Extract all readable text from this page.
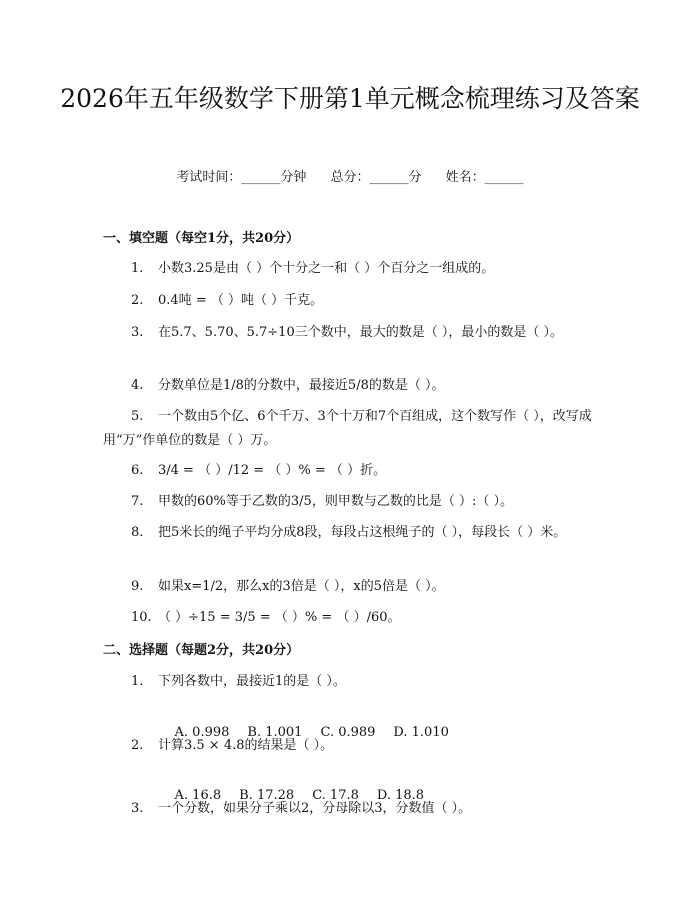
2026年五年级数学下册第1单元概念梳理练习及答案
考试时间：______分钟 总分：______分 姓名：______
一、填空题（每空1分，共20分）
1. 小数3.25是由（ ）个十分之一和（ ）个百分之一组成的。
2. 0.4吨 = （ ）吨（ ）千克。
3. 在5.7、5.70、5.7÷10三个数中，最大的数是（ ），最小的数是（ ）。
4. 分数单位是1/8的分数中，最接近5/8的数是（ ）。
5. 一个数由5个亿、6个千万、3个十万和7个百组成，这个数写作（ ），改写成用“万”作单位的数是（ ）万。
6. 3/4 = （ ）/12 = （ ）% = （ ）折。
7. 甲数的60%等于乙数的3/5，则甲数与乙数的比是（ ）:（ ）。
8. 把5米长的绳子平均分成8段，每段占这根绳子的（ ），每段长（ ）米。
9. 如果x=1/2，那么x的3倍是（ ），x的5倍是（ ）。
10. （ ）÷15 = 3/5 = （ ）% = （ ）/60。
二、选择题（每题2分，共20分）
1. 下列各数中，最接近1的是（ ）。

A. 0.998 B. 1.001 C. 0.989 D. 1.010

2. 计算3.5 × 4.8的结果是（ ）。

A. 16.8 B. 17.28 C. 17.8 D. 18.8

3. 一个分数，如果分子乘以2，分母除以3，分数值（ ）。
